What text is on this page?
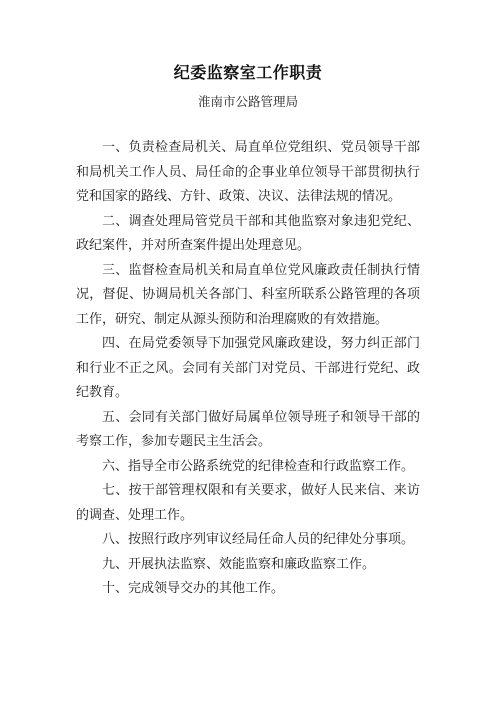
纪委监察室工作职责
淮南市公路管理局

一、负责检查局机关、局直单位党组织、党员领导干部和局机关工作人员、局任命的企事业单位领导干部贯彻执行党和国家的路线、方针、政策、决议、法律法规的情况。

二、调查处理局管党员干部和其他监察对象违犯党纪、政纪案件，并对所查案件提出处理意见。

三、监督检查局机关和局直单位党风廉政责任制执行情况，督促、协调局机关各部门、科室所联系公路管理的各项工作，研究、制定从源头预防和治理腐败的有效措施。

四、在局党委领导下加强党风廉政建设，努力纠正部门和行业不正之风。会同有关部门对党员、干部进行党纪、政纪教育。

五、会同有关部门做好局属单位领导班子和领导干部的考察工作，参加专题民主生活会。

六、指导全市公路系统党的纪律检查和行政监察工作。

七、按干部管理权限和有关要求，做好人民来信、来访的调查、处理工作。

八、按照行政序列审议经局任命人员的纪律处分事项。

九、开展执法监察、效能监察和廉政监察工作。

十、完成领导交办的其他工作。
